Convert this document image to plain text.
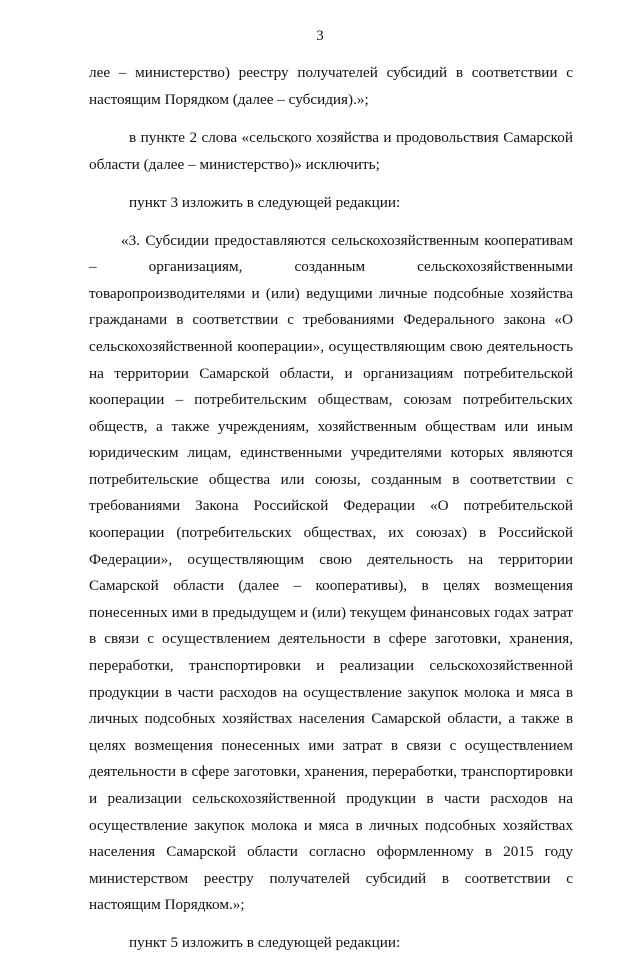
3

лее – министерство) реестру получателей субсидий в соответствии с настоящим Порядком (далее – субсидия).»;

в пункте 2 слова «сельского хозяйства и продовольствия Самарской области (далее – министерство)» исключить;

пункт 3 изложить в следующей редакции:

«3. Субсидии предоставляются сельскохозяйственным кооперативам – организациям, созданным сельскохозяйственными товаропроизводителями и (или) ведущими личные подсобные хозяйства гражданами в соответствии с требованиями Федерального закона «О сельскохозяйственной кооперации», осуществляющим свою деятельность на территории Самарской области, и организациям потребительской кооперации – потребительским обществам, союзам потребительских обществ, а также учреждениям, хозяйственным обществам или иным юридическим лицам, единственными учредителями которых являются потребительские общества или союзы, созданным в соответствии с требованиями Закона Российской Федерации «О потребительской кооперации (потребительских обществах, их союзах) в Российской Федерации», осуществляющим свою деятельность на территории Самарской области (далее – кооперативы), в целях возмещения понесенных ими в предыдущем и (или) текущем финансовых годах затрат в связи с осуществлением деятельности в сфере заготовки, хранения, переработки, транспортировки и реализации сельскохозяйственной продукции в части расходов на осуществление закупок молока и мяса в личных подсобных хозяйствах населения Самарской области, а также в целях возмещения понесенных ими затрат в связи с осуществлением деятельности в сфере заготовки, хранения, переработки, транспортировки и реализации сельскохозяйственной продукции в части расходов на осуществление закупок молока и мяса в личных подсобных хозяйствах населения Самарской области согласно оформленному в 2015 году министерством реестру получателей субсидий в соответствии с настоящим Порядком.»;

пункт 5 изложить в следующей редакции:
